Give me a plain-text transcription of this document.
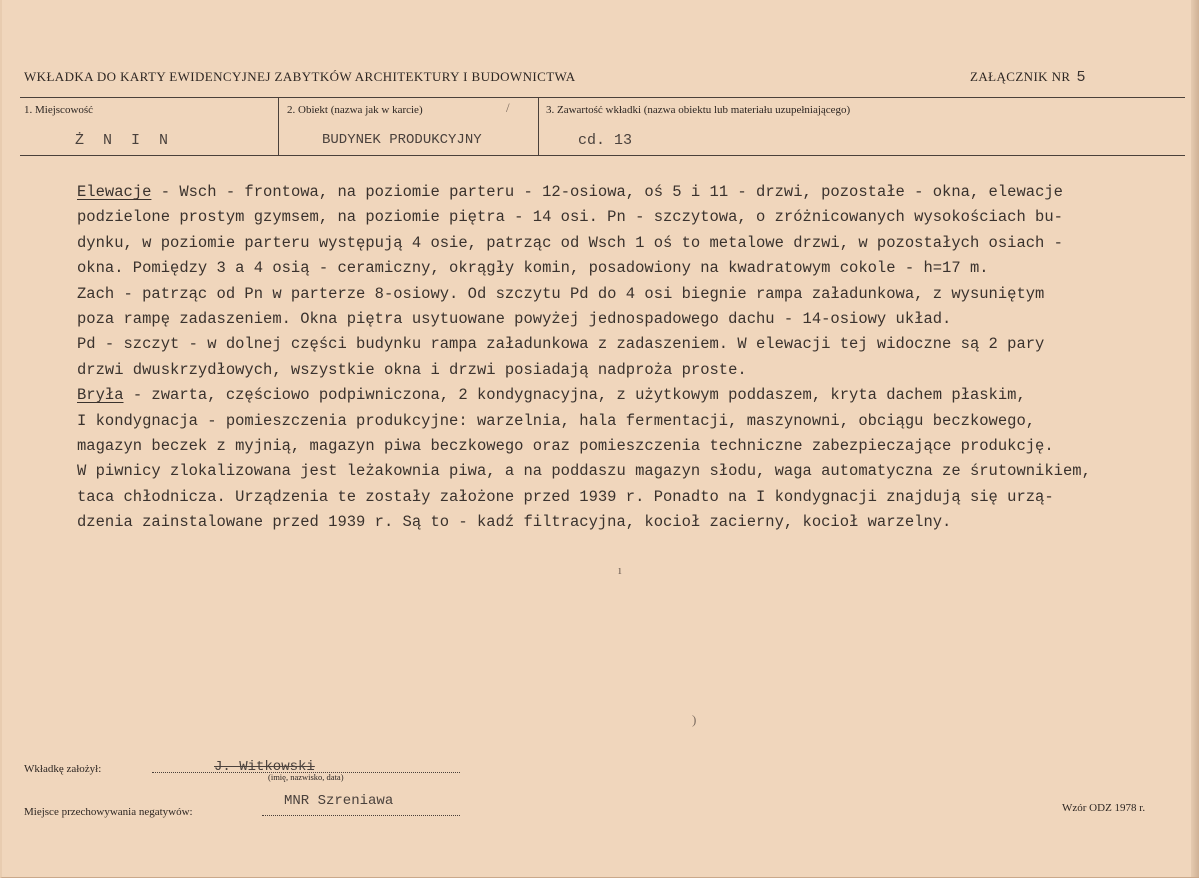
WKŁADKA DO KARTY EWIDENCYJNEJ ZABYTKÓW ARCHITEKTURY I BUDOWNICTWA	ZAŁĄCZNIK NR 5
1. Miejscowość
Ż N I N
2. Obiekt (nazwa jak w karcie)
BUDYNEK PRODUKCYJNY
3. Zawartość wkładki (nazwa obiektu lub materiału uzupełniającego)
cd. 13
/
Elewacje - Wsch - frontowa, na poziomie parteru - 12-osiowa, oś 5 i 11 - drzwi, pozostałe - okna, elewacje
podzielone prostym gzymsem, na poziomie piętra - 14 osi. Pn - szczytowa, o zróżnicowanych wysokościach bu-
dynku, w poziomie parteru występują 4 osie, patrząc od Wsch 1 oś to metalowe drzwi, w pozostałych osiach -
okna. Pomiędzy 3 a 4 osią - ceramiczny, okrągły komin, posadowiony na kwadratowym cokole - h=17 m.
Zach - patrząc od Pn w parterze 8-osiowy. Od szczytu Pd do 4 osi biegnie rampa załadunkowa, z wysuniętym
poza rampę zadaszeniem. Okna piętra usytuowane powyżej jednospadowego dachu - 14-osiowy układ.
Pd - szczyt - w dolnej części budynku rampa załadunkowa z zadaszeniem. W elewacji tej widoczne są 2 pary
drzwi dwuskrzydłowych, wszystkie okna i drzwi posiadają nadproża proste.
Bryła - zwarta, częściowo podpiwniczona, 2 kondygnacyjna, z użytkowym poddaszem, kryta dachem płaskim,
I kondygnacja - pomieszczenia produkcyjne: warzelnia, hala fermentacji, maszynowni, obciągu beczkowego,
magazyn beczek z myjnią, magazyn piwa beczkowego oraz pomieszczenia techniczne zabezpieczające produkcję.
W piwnicy zlokalizowana jest leżakownia piwa, a na poddaszu magazyn słodu, waga automatyczna ze śrutownikiem,
taca chłodnicza. Urządzenia te zostały założone przed 1939 r. Ponadto na I kondygnacji znajdują się urzą-
dzenia zainstalowane przed 1939 r. Są to - kadź filtracyjna, kocioł zacierny, kocioł warzelny.
ı
)
Wkładkę założył:	J. Witkowski
(imię, nazwisko, data)
Miejsce przechowywania negatywów:
MNR Szreniawa	Wzór ODZ 1978 r.
